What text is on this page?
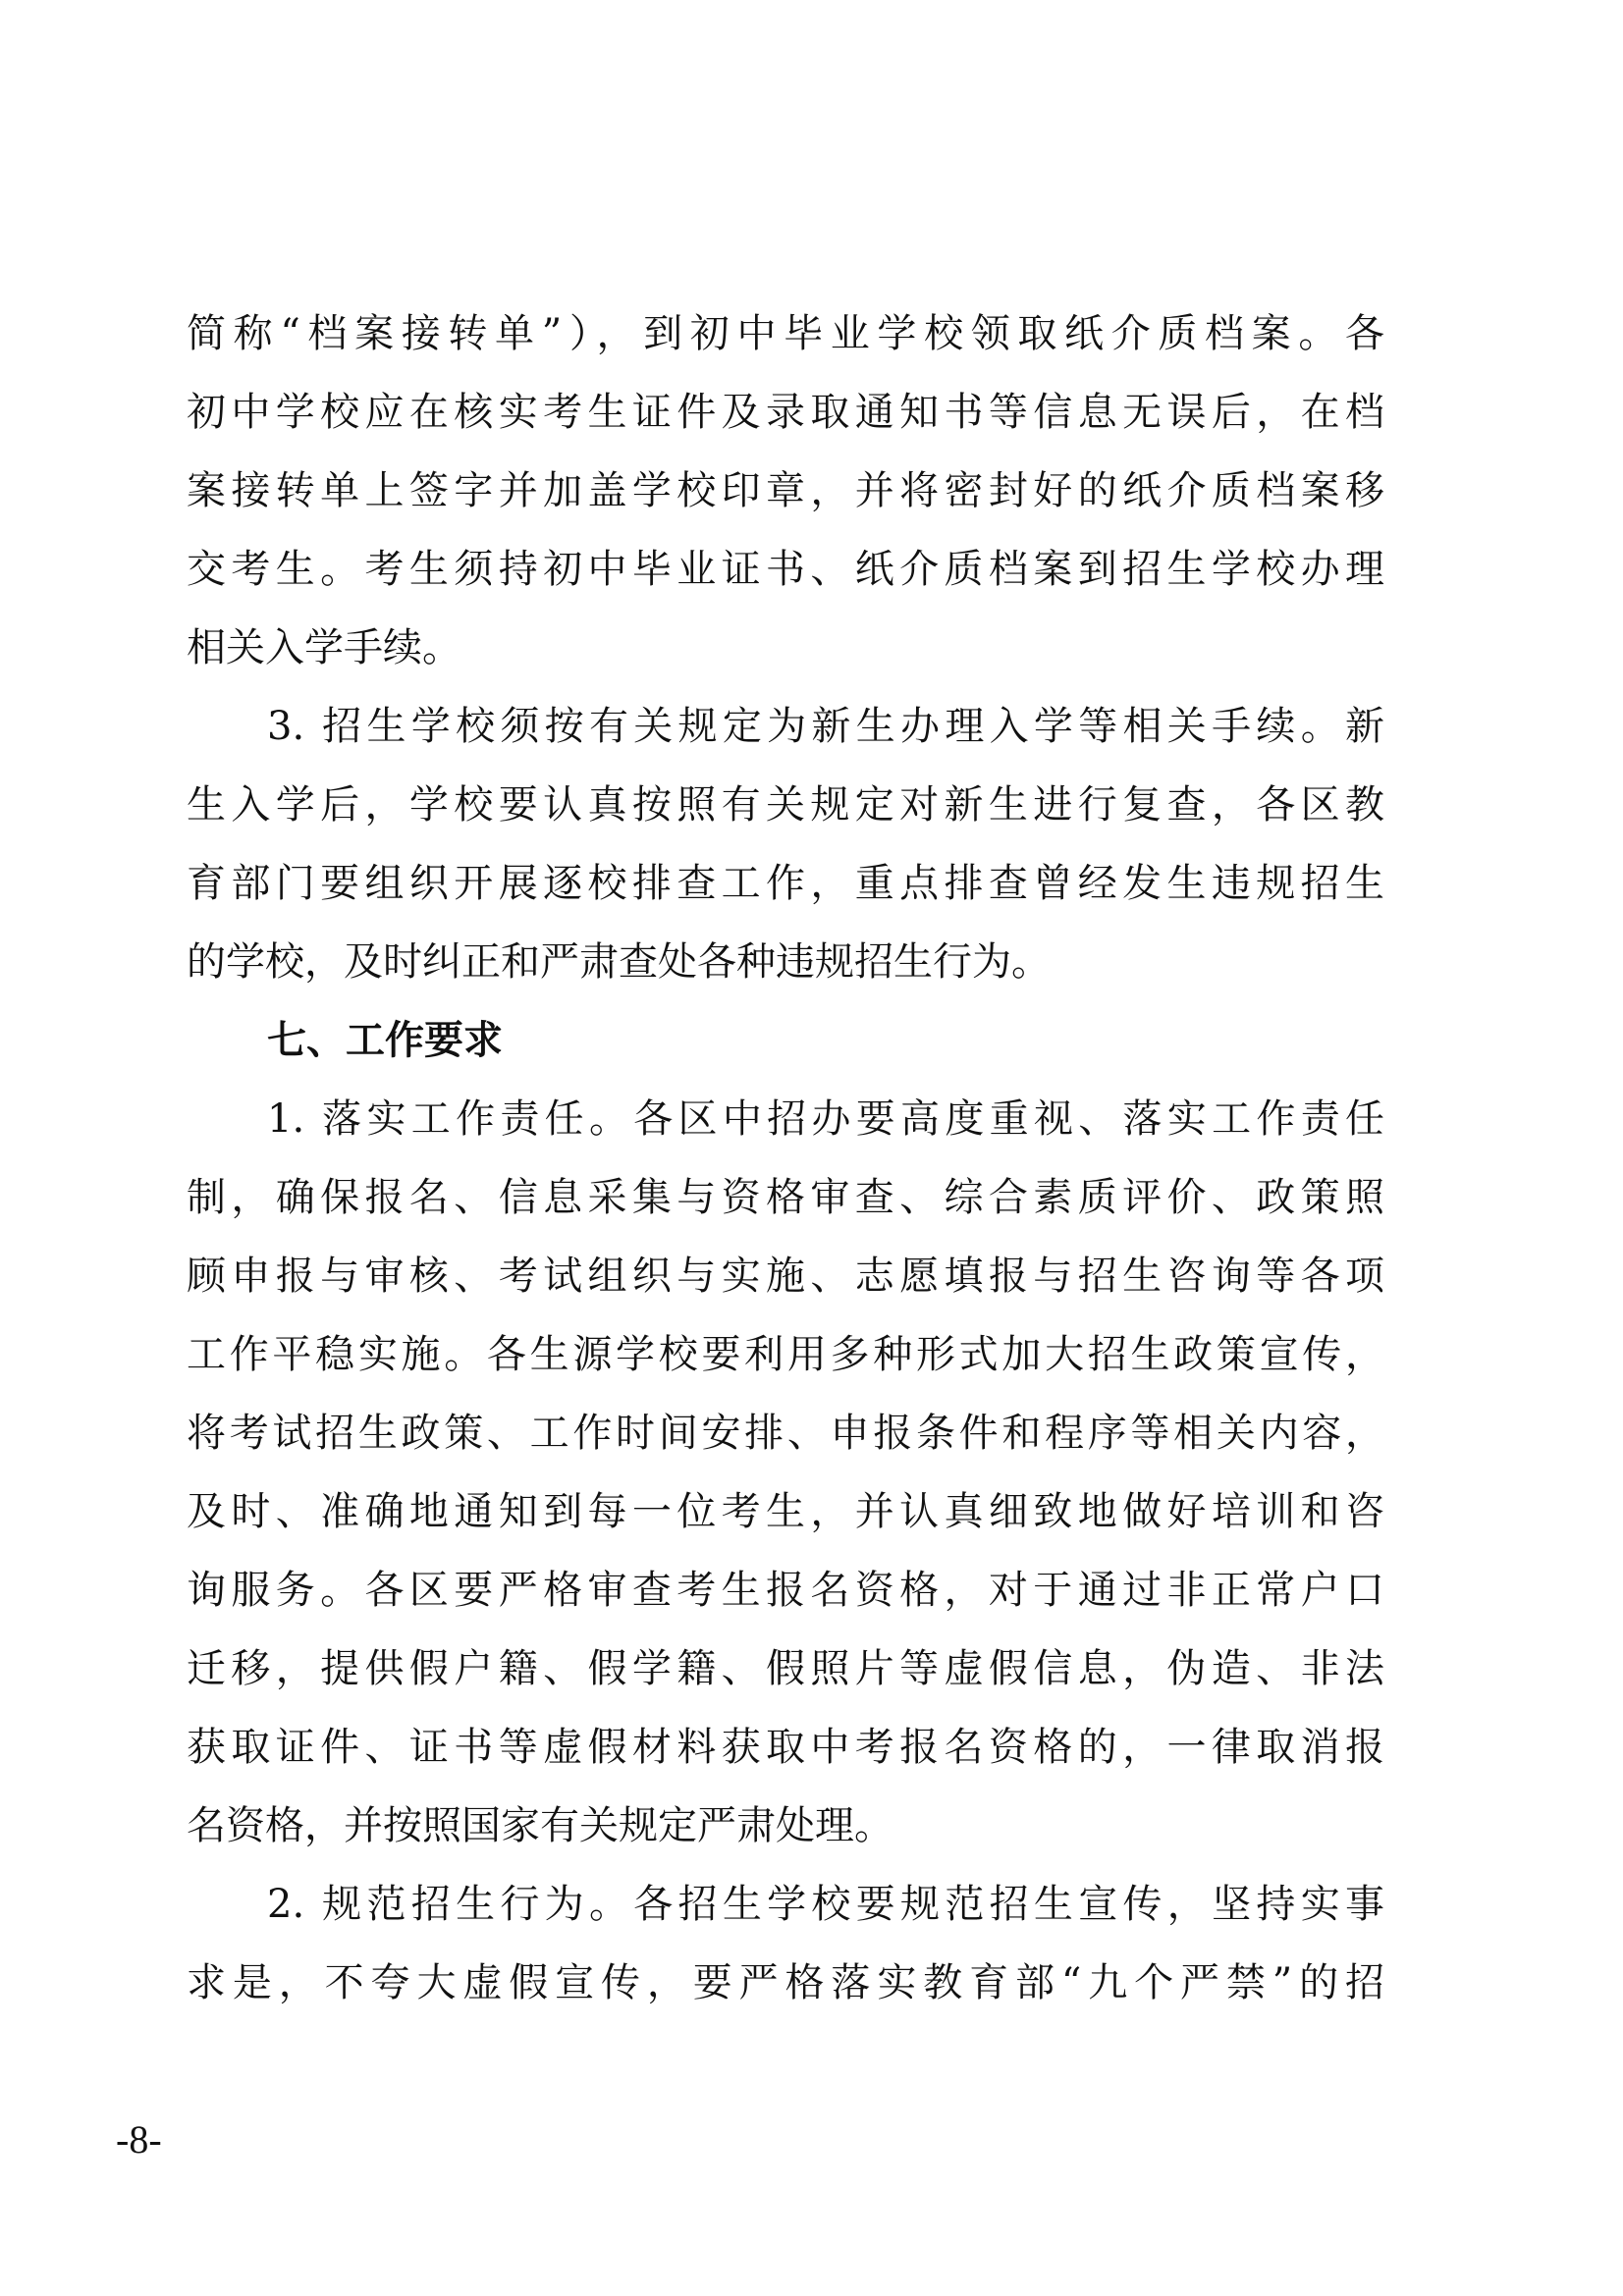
简称“档案接转单”），到初中毕业学校领取纸介质档案。各
初中学校应在核实考生证件及录取通知书等信息无误后，在档
案接转单上签字并加盖学校印章，并将密封好的纸介质档案移
交考生。考生须持初中毕业证书、纸介质档案到招生学校办理
相关入学手续。
3. 招生学校须按有关规定为新生办理入学等相关手续。新
生入学后，学校要认真按照有关规定对新生进行复查，各区教
育部门要组织开展逐校排查工作，重点排查曾经发生违规招生
的学校，及时纠正和严肃查处各种违规招生行为。
七、工作要求
1. 落实工作责任。各区中招办要高度重视、落实工作责任
制，确保报名、信息采集与资格审查、综合素质评价、政策照
顾申报与审核、考试组织与实施、志愿填报与招生咨询等各项
工作平稳实施。各生源学校要利用多种形式加大招生政策宣传，
将考试招生政策、工作时间安排、申报条件和程序等相关内容，
及时、准确地通知到每一位考生，并认真细致地做好培训和咨
询服务。各区要严格审查考生报名资格，对于通过非正常户口
迁移，提供假户籍、假学籍、假照片等虚假信息，伪造、非法
获取证件、证书等虚假材料获取中考报名资格的，一律取消报
名资格，并按照国家有关规定严肃处理。
2. 规范招生行为。各招生学校要规范招生宣传，坚持实事
求是，不夸大虚假宣传，要严格落实教育部“九个严禁”的招
-8-
